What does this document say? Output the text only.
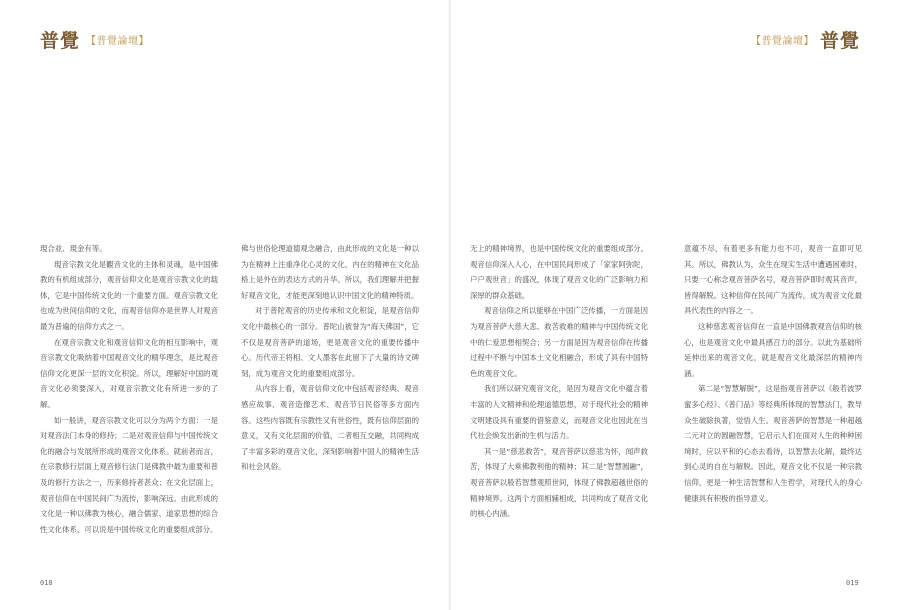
普覺 【普覺論壇】	【普覺論壇】 普覺

現合並、現金有等。

現音宗教文化是觀音文化的主体和灵魂，是中国佛教的有机组成部分，观音信仰文化是观音宗教文化的载体，它是中国传统文化的一个重要方面。观音宗教文化也成为世间信仰的文化，而观音信仰亦是世界人对观音最为普遍的信仰方式之一。

在观音宗教文化和观音信仰文化的相互影响中，观音宗教文化吸纳着中国观音文化的精华理念，是比观音信仰文化更深一层的文化积淀。所以，理解好中国的观音文化必须要深入，对观音宗教文化有所进一步的了解。

如一般讲，观音宗教文化可以分为两个方面：一是对观音法门本身的修持；二是对观音信仰与中国传统文化的融合与发展所形成的观音文化体系。就前者而言，在宗教修行层面上观音修行法门是佛教中最为重要和普及的修行方法之一，历来修持者甚众；在文化层面上，观音信仰在中国民间广为流传，影响深远。由此形成的文化是一种以佛教为核心，融合儒家、道家思想的综合性文化体系，可以说是中国传统文化的重要组成部分。

佛与世俗伦理道德观念融合，由此形成的文化是一种以为在精神上注重净化心灵的文化，内在的精神在文化品格上是外在的表达方式的升华。所以，我们理解并把握好观音文化，才能更深刻地认识中国文化的精神特质。

对于普陀观音的历史传承和文化积淀，是观音信仰文化中最核心的一部分。普陀山被誉为“海天佛国”，它不仅是观音菩萨的道场，更是观音文化的重要传播中心。历代帝王将相、文人墨客在此留下了大量的诗文碑刻，成为观音文化的重要组成部分。

从内容上看，观音信仰文化中包括观音经典、观音感应故事、观音造像艺术、观音节日民俗等多方面内容。这些内容既有宗教性又有世俗性，既有信仰层面的意义，又有文化层面的价值，二者相互交融，共同构成了丰富多彩的观音文化，深刻影响着中国人的精神生活和社会风俗。

无上的精神境界，也是中国传统文化的重要组成部分。观音信仰深入人心，在中国民间形成了「家家阿弥陀，户户观世音」的盛况，体现了观音文化的广泛影响力和深厚的群众基础。

观音信仰之所以能够在中国广泛传播，一方面是因为观音菩萨大慈大悲、救苦救难的精神与中国传统文化中的仁爱思想相契合；另一方面是因为观音信仰在传播过程中不断与中国本土文化相融合，形成了具有中国特色的观音文化。

我们所以研究观音文化，是因为观音文化中蕴含着丰富的人文精神和伦理道德思想，对于现代社会的精神文明建设具有重要的借鉴意义，而观音文化也因此在当代社会焕发出新的生机与活力。

其一是“慈悲救苦”，观音菩萨以慈悲为怀，闻声救苦，体现了大乘佛教利他的精神；其二是“智慧圆融”，观音菩萨以般若智慧观照世间，体现了佛教超越世俗的精神境界。这两个方面相辅相成，共同构成了观音文化的核心内涵。

意蕴不尽，有着更多有能力也不可，观音一直即可见其。所以，佛教认为，众生在现实生活中遭遇困难时，只要一心称念观音菩萨名号，观音菩萨即时观其音声，皆得解脱。这种信仰在民间广为流传，成为观音文化最具代表性的内容之一。

这种慈悲观音信仰在一直是中国佛教观音信仰的核心，也是观音文化中最具感召力的部分。以此为基础所延伸出来的观音文化，就是观音文化最深层的精神内涵。

第二是“智慧解脱”，这是指观音菩萨以《般若波罗蜜多心经》、《普门品》等经典所体现的智慧法门，教导众生破除执著，觉悟人生。观音菩萨的智慧是一种超越二元对立的圆融智慧，它启示人们在面对人生的种种困境时，应以平和的心态去看待，以智慧去化解，最终达到心灵的自在与解脱。因此，观音文化不仅是一种宗教信仰，更是一种生活智慧和人生哲学，对现代人的身心健康具有积极的指导意义。

018	019
